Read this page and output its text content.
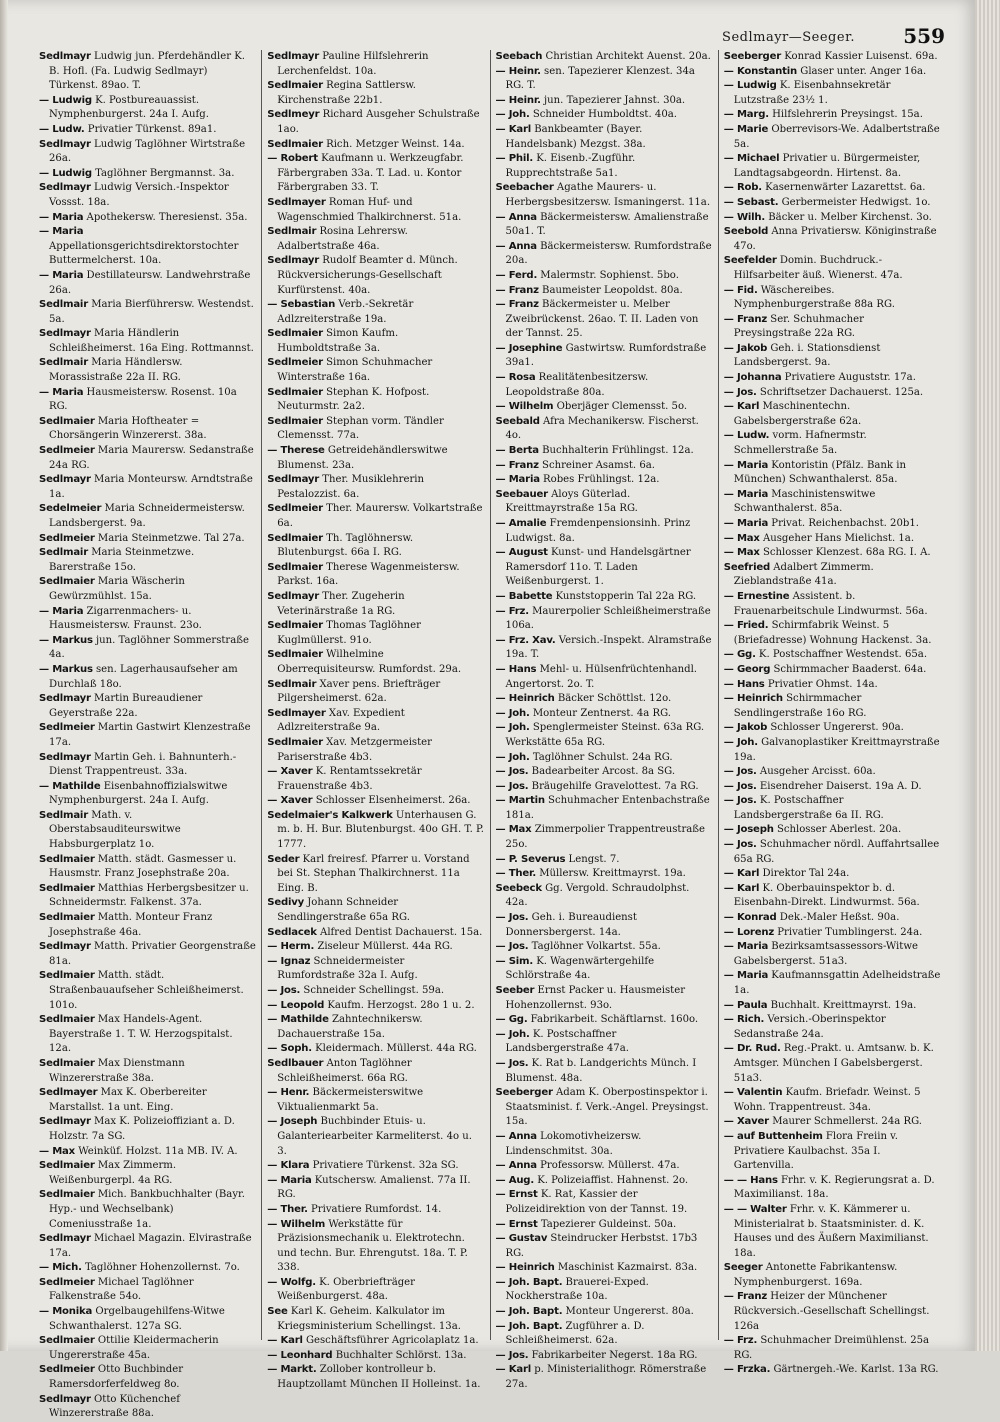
Sedlmayr—Seeger. 559

Sedlmayr Ludwig jun. Pferdehändler K. B. Hofl. (Fa. Ludwig Sedlmayr) Türkenst. 89ao. T.

— Ludwig K. Postbureauassist. Nymphenburgerst. 24a I. Aufg.

— Ludw. Privatier Türkenst. 89a1.

Sedlmayr Ludwig Taglöhner Wirtstraße 26a.

— Ludwig Taglöhner Bergmannst. 3a.

Sedlmayr Ludwig Versich.-Inspektor Vossst. 18a.

— Maria Apothekersw. Theresienst. 35a.

— Maria Appellationsgerichtsdirektorstochter Buttermelcherst. 10a.

— Maria Destillateursw. Landwehrstraße 26a.

Sedlmair Maria Bierführersw. Westendst. 5a.

Sedlmayr Maria Händlerin Schleißheimerst. 16a Eing. Rottmannst.

Sedlmair Maria Händlersw. Morassistraße 22a II. RG.

— Maria Hausmeistersw. Rosenst. 10a RG.

Sedlmaier Maria Hoftheater = Chorsängerin Winzererst. 38a.

Sedlmeier Maria Maurersw. Sedanstraße 24a RG.

Sedlmayr Maria Monteursw. Arndtstraße 1a.

Sedelmeier Maria Schneidermeistersw. Landsbergerst. 9a.

Sedlmeier Maria Steinmetzwe. Tal 27a.

Sedlmair Maria Steinmetzwe. Barerstraße 15o.

Sedlmaier Maria Wäscherin Gewürzmühlst. 15a.

— Maria Zigarrenmachers- u. Hausmeistersw. Fraunst. 23o.

— Markus jun. Taglöhner Sommerstraße 4a.

— Markus sen. Lagerhausaufseher am Durchlaß 18o.

Sedlmayr Martin Bureaudiener Geyerstraße 22a.

Sedlmeier Martin Gastwirt Klenzestraße 17a.

Sedlmayr Martin Geh. i. Bahnunterh.-Dienst Trappentreust. 33a.

— Mathilde Eisenbahnoffizialswitwe Nymphenburgerst. 24a I. Aufg.

Sedlmair Math. v. Oberstabsauditeurswitwe Habsburgerplatz 1o.

Sedlmaier Matth. städt. Gasmesser u. Hausmstr. Franz Josephstraße 20a.

Sedlmaier Matthias Herbergsbesitzer u. Schneidermstr. Falkenst. 37a.

Sedlmaier Matth. Monteur Franz Josephstraße 46a.

Sedlmayr Matth. Privatier Georgenstraße 81a.

Sedlmaier Matth. städt. Straßenbauaufseher Schleißheimerst. 101o.

Sedlmaier Max Handels-Agent. Bayerstraße 1. T. W. Herzogspitalst. 12a.

Sedlmaier Max Dienstmann Winzererstraße 38a.

Sedlmayer Max K. Oberbereiter Marstallst. 1a unt. Eing.

Sedlmayr Max K. Polizeioffiziant a. D. Holzstr. 7a SG.

— Max Weinküf. Holzst. 11a MB. IV. A.

Sedlmaier Max Zimmerm. Weißenburgerpl. 4a RG.

Sedlmaier Mich. Bankbuchhalter (Bayr. Hyp.- und Wechselbank) Comeniusstraße 1a.

Sedlmayr Michael Magazin. Elvirastraße 17a.

— Mich. Taglöhner Hohenzollernst. 7o.

Sedlmeier Michael Taglöhner Falkenstraße 54o.

— Monika Orgelbaugehilfens-Witwe Schwanthalerst. 127a SG.

Sedlmaier Ottilie Kleidermacherin Ungererstraße 45a.

Sedlmeier Otto Buchbinder Ramersdorferfeldweg 8o.

Sedlmayr Otto Küchenchef Winzererstraße 88a.

Sedlmayr Pauline Hilfslehrerin Lerchenfeldst. 10a.

Sedlmaier Regina Sattlersw. Kirchenstraße 22b1.

Sedlmeyr Richard Ausgeher Schulstraße 1ao.

Sedlmaier Rich. Metzger Weinst. 14a.

— Robert Kaufmann u. Werkzeugfabr. Färbergraben 33a. T. Lad. u. Kontor Färbergraben 33. T.

Sedlmayer Roman Huf- und Wagenschmied Thalkirchnerst. 51a.

Sedlmair Rosina Lehrersw. Adalbertstraße 46a.

Sedlmayr Rudolf Beamter d. Münch. Rückversicherungs-Gesellschaft Kurfürstenst. 40a.

— Sebastian Verb.-Sekretär Adlzreiterstraße 19a.

Sedlmaier Simon Kaufm. Humboldtstraße 3a.

Sedlmeier Simon Schuhmacher Winterstraße 16a.

Sedlmaier Stephan K. Hofpost. Neuturmstr. 2a2.

Sedlmaier Stephan vorm. Tändler Clemensst. 77a.

— Therese Getreidehändlerswitwe Blumenst. 23a.

Sedlmayr Ther. Musiklehrerin Pestalozzist. 6a.

Sedlmeier Ther. Maurersw. Volkartstraße 6a.

Sedlmaier Th. Taglöhnersw. Blutenburgst. 66a I. RG.

Sedlmaier Therese Wagenmeistersw. Parkst. 16a.

Sedlmayr Ther. Zugeherin Veterinärstraße 1a RG.

Sedlmaier Thomas Taglöhner Kuglmüllerst. 91o.

Sedlmaier Wilhelmine Oberrequisiteursw. Rumfordst. 29a.

Sedlmair Xaver pens. Briefträger Pilgersheimerst. 62a.

Sedlmayer Xav. Expedient Adlzreiterstraße 9a.

Sedlmaier Xav. Metzgermeister Pariserstraße 4b3.

— Xaver K. Rentamtssekretär Frauenstraße 4b3.

— Xaver Schlosser Elsenheimerst. 26a.

Sedelmaier's Kalkwerk Unterhausen G. m. b. H. Bur. Blutenburgst. 40o GH. T. P. 1777.

Seder Karl freiresf. Pfarrer u. Vorstand bei St. Stephan Thalkirchnerst. 11a Eing. B.

Sedivy Johann Schneider Sendlingerstraße 65a RG.

Sedlacek Alfred Dentist Dachauerst. 15a.

— Herm. Ziseleur Müllerst. 44a RG.

— Ignaz Schneidermeister Rumfordstraße 32a I. Aufg.

— Jos. Schneider Schellingst. 59a.

— Leopold Kaufm. Herzogst. 28o 1 u. 2.

— Mathilde Zahntechnikersw. Dachauerstraße 15a.

— Soph. Kleidermach. Müllerst. 44a RG.

Sedlbauer Anton Taglöhner Schleißheimerst. 66a RG.

— Henr. Bäckermeisterswitwe Viktualienmarkt 5a.

— Joseph Buchbinder Etuis- u. Galanteriearbeiter Karmeliterst. 4o u. 3.

— Klara Privatiere Türkenst. 32a SG.

— Maria Kutschersw. Amalienst. 77a II. RG.

— Ther. Privatiere Rumfordst. 14.

— Wilhelm Werkstätte für Präzisionsmechanik u. Elektrotechn. und techn. Bur. Ehrengutst. 18a. T. P. 338.

— Wolfg. K. Oberbriefträger Weißenburgerst. 48a.

See Karl K. Geheim. Kalkulator im Kriegsministerium Schellingst. 13a.

— Karl Geschäftsführer Agricolaplatz 1a.

— Leonhard Buchhalter Schlörst. 13a.

— Markt. Zollober kontrolleur b. Hauptzollamt München II Holleinst. 1a.

Seebach Christian Architekt Auenst. 20a.

— Heinr. sen. Tapezierer Klenzest. 34a RG. T.

— Heinr. jun. Tapezierer Jahnst. 30a.

— Joh. Schneider Humboldtst. 40a.

— Karl Bankbeamter (Bayer. Handelsbank) Mezgst. 38a.

— Phil. K. Eisenb.-Zugführ. Rupprechtstraße 5a1.

Seebacher Agathe Maurers- u. Herbergsbesitzersw. Ismaningerst. 11a.

— Anna Bäckermeistersw. Amalienstraße 50a1. T.

— Anna Bäckermeistersw. Rumfordstraße 20a.

— Ferd. Malermstr. Sophienst. 5bo.

— Franz Baumeister Leopoldst. 80a.

— Franz Bäckermeister u. Melber Zweibrückenst. 26ao. T. II. Laden von der Tannst. 25.

— Josephine Gastwirtsw. Rumfordstraße 39a1.

— Rosa Realitätenbesitzersw. Leopoldstraße 80a.

— Wilhelm Oberjäger Clemensst. 5o.

Seebald Afra Mechanikersw. Fischerst. 4o.

— Berta Buchhalterin Frühlingst. 12a.

— Franz Schreiner Asamst. 6a.

— Maria Robes Frühlingst. 12a.

Seebauer Aloys Güterlad. Kreittmayrstraße 15a RG.

— Amalie Fremdenpensionsinh. Prinz Ludwigst. 8a.

— August Kunst- und Handelsgärtner Ramersdorf 11o. T. Laden Weißenburgerst. 1.

— Babette Kunststopperin Tal 22a RG.

— Frz. Maurerpolier Schleißheimerstraße 106a.

— Frz. Xav. Versich.-Inspekt. Alramstraße 19a. T.

— Hans Mehl- u. Hülsenfrüchtenhandl. Angertorst. 2o. T.

— Heinrich Bäcker Schöttlst. 12o.

— Joh. Monteur Zentnerst. 4a RG.

— Joh. Spenglermeister Steinst. 63a RG. Werkstätte 65a RG.

— Joh. Taglöhner Schulst. 24a RG.

— Jos. Badearbeiter Arcost. 8a SG.

— Jos. Bräugehilfe Gravelottest. 7a RG.

— Martin Schuhmacher Entenbachstraße 181a.

— Max Zimmerpolier Trappentreustraße 25o.

— P. Severus Lengst. 7.

— Ther. Müllersw. Kreittmayrst. 19a.

Seebeck Gg. Vergold. Schraudolphst. 42a.

— Jos. Geh. i. Bureaudienst Donnersbergerst. 14a.

— Jos. Taglöhner Volkartst. 55a.

— Sim. K. Wagenwärtergehilfe Schlörstraße 4a.

Seeber Ernst Packer u. Hausmeister Hohenzollernst. 93o.

— Gg. Fabrikarbeit. Schäftlarnst. 160o.

— Joh. K. Postschaffner Landsbergerstraße 47a.

— Jos. K. Rat b. Landgerichts Münch. I Blumenst. 48a.

Seeberger Adam K. Oberpostinspektor i. Staatsminist. f. Verk.-Angel. Preysingst. 15a.

— Anna Lokomotivheizersw. Lindenschmitst. 30a.

— Anna Professorsw. Müllerst. 47a.

— Aug. K. Polizeiaffist. Hahnenst. 2o.

— Ernst K. Rat, Kassier der Polizeidirektion von der Tannst. 19.

— Ernst Tapezierer Guldeinst. 50a.

— Gustav Steindrucker Herbstst. 17b3 RG.

— Heinrich Maschinist Kazmairst. 83a.

— Joh. Bapt. Brauerei-Exped. Nockherstraße 10a.

— Joh. Bapt. Monteur Ungererst. 80a.

— Joh. Bapt. Zugführer a. D. Schleißheimerst. 62a.

— Jos. Fabrikarbeiter Negerst. 18a RG.

— Karl p. Ministerialithogr. Römerstraße 27a.

Seeberger Konrad Kassier Luisenst. 69a.

— Konstantin Glaser unter. Anger 16a.

— Ludwig K. Eisenbahnsekretär Lutzstraße 23½ 1.

— Marg. Hilfslehrerin Preysingst. 15a.

— Marie Oberrevisors-We. Adalbertstraße 5a.

— Michael Privatier u. Bürgermeister, Landtagsabgeordn. Hirtenst. 8a.

— Rob. Kasernenwärter Lazarettst. 6a.

— Sebast. Gerbermeister Hedwigst. 1o.

— Wilh. Bäcker u. Melber Kirchenst. 3o.

Seebold Anna Privatiersw. Königinstraße 47o.

Seefelder Domin. Buchdruck.-Hilfsarbeiter äuß. Wienerst. 47a.

— Fid. Wäschereibes. Nymphenburgerstraße 88a RG.

— Franz Ser. Schuhmacher Preysingstraße 22a RG.

— Jakob Geh. i. Stationsdienst Landsbergerst. 9a.

— Johanna Privatiere Auguststr. 17a.

— Jos. Schriftsetzer Dachauerst. 125a.

— Karl Maschinentechn. Gabelsbergerstraße 62a.

— Ludw. vorm. Hafnermstr. Schmellerstraße 5a.

— Maria Kontoristin (Pfälz. Bank in München) Schwanthalerst. 85a.

— Maria Maschinistenswitwe Schwanthalerst. 85a.

— Maria Privat. Reichenbachst. 20b1.

— Max Ausgeher Hans Mielichst. 1a.

— Max Schlosser Klenzest. 68a RG. I. A.

Seefried Adalbert Zimmerm. Zieblandstraße 41a.

— Ernestine Assistent. b. Frauenarbeitschule Lindwurmst. 56a.

— Fried. Schirmfabrik Weinst. 5 (Briefadresse) Wohnung Hackenst. 3a.

— Gg. K. Postschaffner Westendst. 65a.

— Georg Schirmmacher Baaderst. 64a.

— Hans Privatier Ohmst. 14a.

— Heinrich Schirmmacher Sendlingerstraße 16o RG.

— Jakob Schlosser Ungererst. 90a.

— Joh. Galvanoplastiker Kreittmayrstraße 19a.

— Jos. Ausgeher Arcisst. 60a.

— Jos. Eisendreher Daiserst. 19a A. D.

— Jos. K. Postschaffner Landsbergerstraße 6a II. RG.

— Joseph Schlosser Aberlest. 20a.

— Jos. Schuhmacher nördl. Auffahrtsallee 65a RG.

— Karl Direktor Tal 24a.

— Karl K. Oberbauinspektor b. d. Eisenbahn-Direkt. Lindwurmst. 56a.

— Konrad Dek.-Maler Heßst. 90a.

— Lorenz Privatier Tumblingerst. 24a.

— Maria Bezirksamtsassessors-Witwe Gabelsbergerst. 51a3.

— Maria Kaufmannsgattin Adelheidstraße 1a.

— Paula Buchhalt. Kreittmayrst. 19a.

— Rich. Versich.-Oberinspektor Sedanstraße 24a.

— Dr. Rud. Reg.-Prakt. u. Amtsanw. b. K. Amtsger. München I Gabelsbergerst. 51a3.

— Valentin Kaufm. Briefadr. Weinst. 5 Wohn. Trappentreust. 34a.

— Xaver Maurer Schmellerst. 24a RG.

— auf Buttenheim Flora Freiin v. Privatiere Kaulbachst. 35a I. Gartenvilla.

— — Hans Frhr. v. K. Regierungsrat a. D. Maximilianst. 18a.

— — Walter Frhr. v. K. Kämmerer u. Ministerialrat b. Staatsminister. d. K. Hauses und des Äußern Maximilianst. 18a.

Seeger Antonette Fabrikantensw. Nymphenburgerst. 169a.

— Franz Heizer der Münchener Rückversich.-Gesellschaft Schellingst. 126a

— Frz. Schuhmacher Dreimühlenst. 25a RG.

— Frzka. Gärtnergeh.-We. Karlst. 13a RG.
